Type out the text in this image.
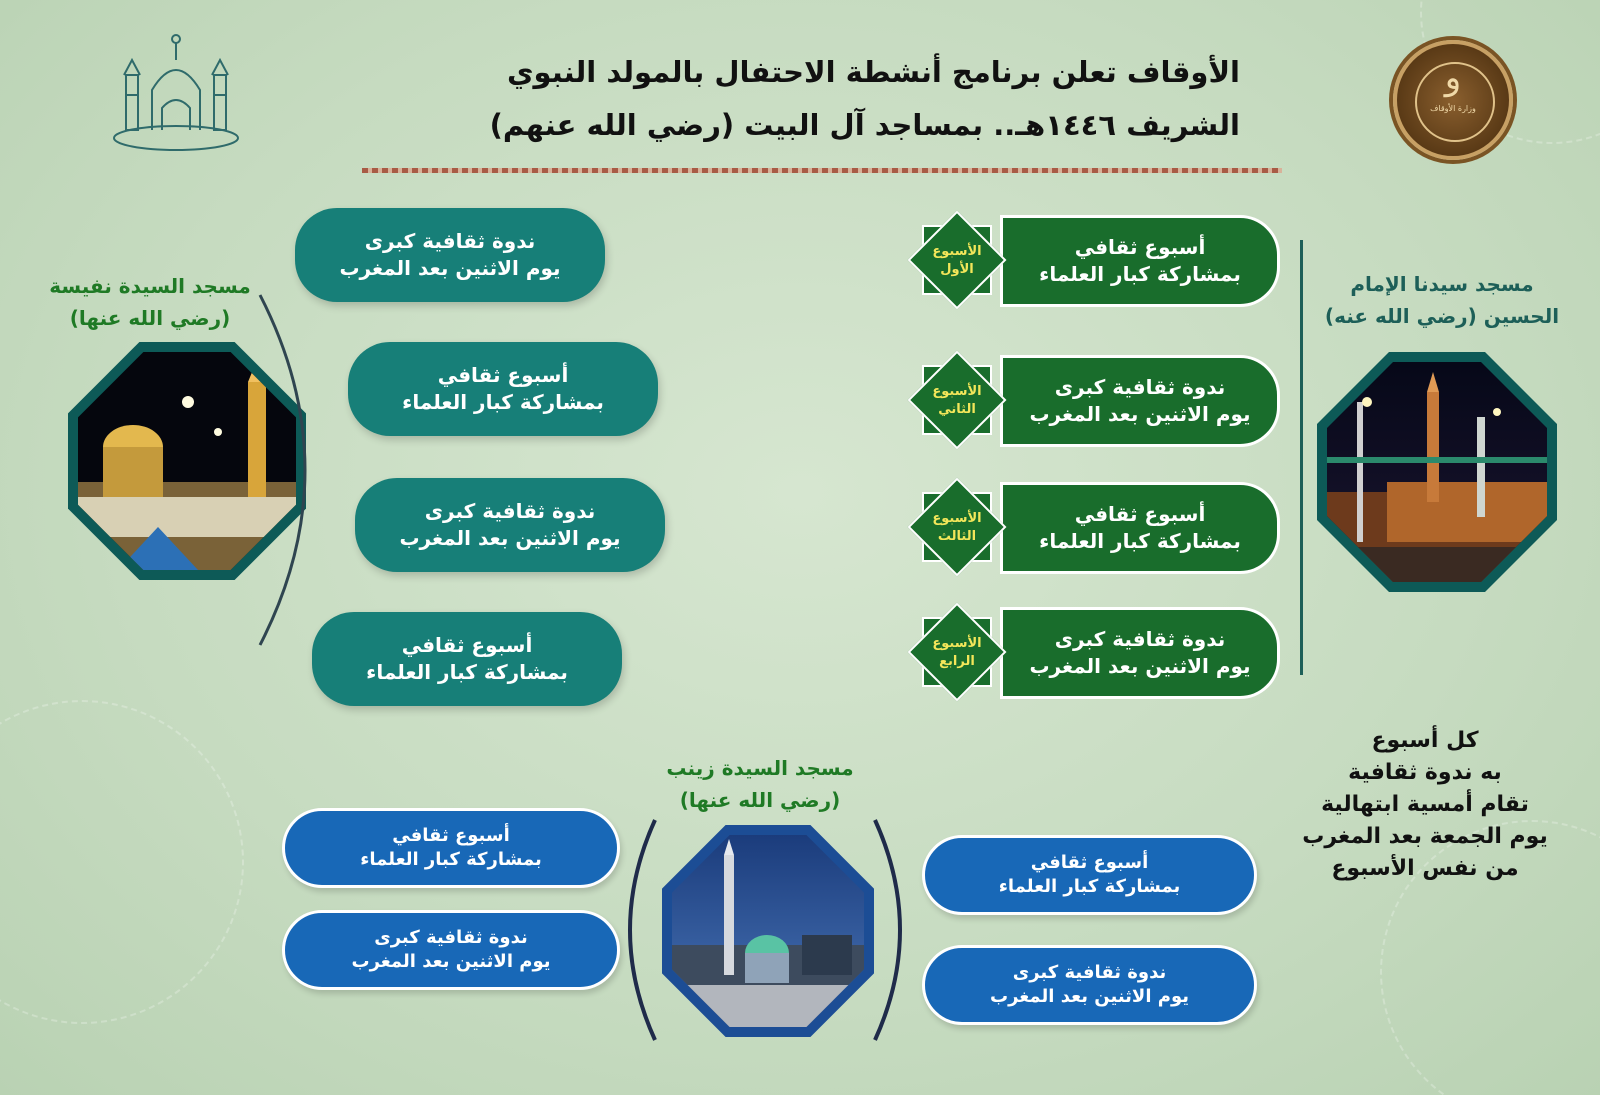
الأوقاف تعلن برنامج أنشطة الاحتفال بالمولد النبوي
الشريف ١٤٤٦هـ.. بمساجد آل البيت (رضي الله عنهم)
و
وزارة الأوقاف
مسجد سيدنا الإمام
الحسين (رضي الله عنه)
أسبوع ثقافي
بمشاركة كبار العلماء
الأسبوع
الأول
ندوة ثقافية كبرى
يوم الاثنين بعد المغرب
الأسبوع
الثاني
أسبوع ثقافي
بمشاركة كبار العلماء
الأسبوع
الثالث
ندوة ثقافية كبرى
يوم الاثنين بعد المغرب
الأسبوع
الرابع
مسجد السيدة نفيسة
(رضي الله عنها)
ندوة ثقافية كبرى
يوم الاثنين بعد المغرب
أسبوع ثقافي
بمشاركة كبار العلماء
ندوة ثقافية كبرى
يوم الاثنين بعد المغرب
أسبوع ثقافي
بمشاركة كبار العلماء
مسجد السيدة زينب
(رضي الله عنها)
أسبوع ثقافي
بمشاركة كبار العلماء
ندوة ثقافية كبرى
يوم الاثنين بعد المغرب
أسبوع ثقافي
بمشاركة كبار العلماء
ندوة ثقافية كبرى
يوم الاثنين بعد المغرب
كل أسبوع
به ندوة ثقافية
تقام أمسية ابتهالية
يوم الجمعة بعد المغرب
من نفس الأسبوع
